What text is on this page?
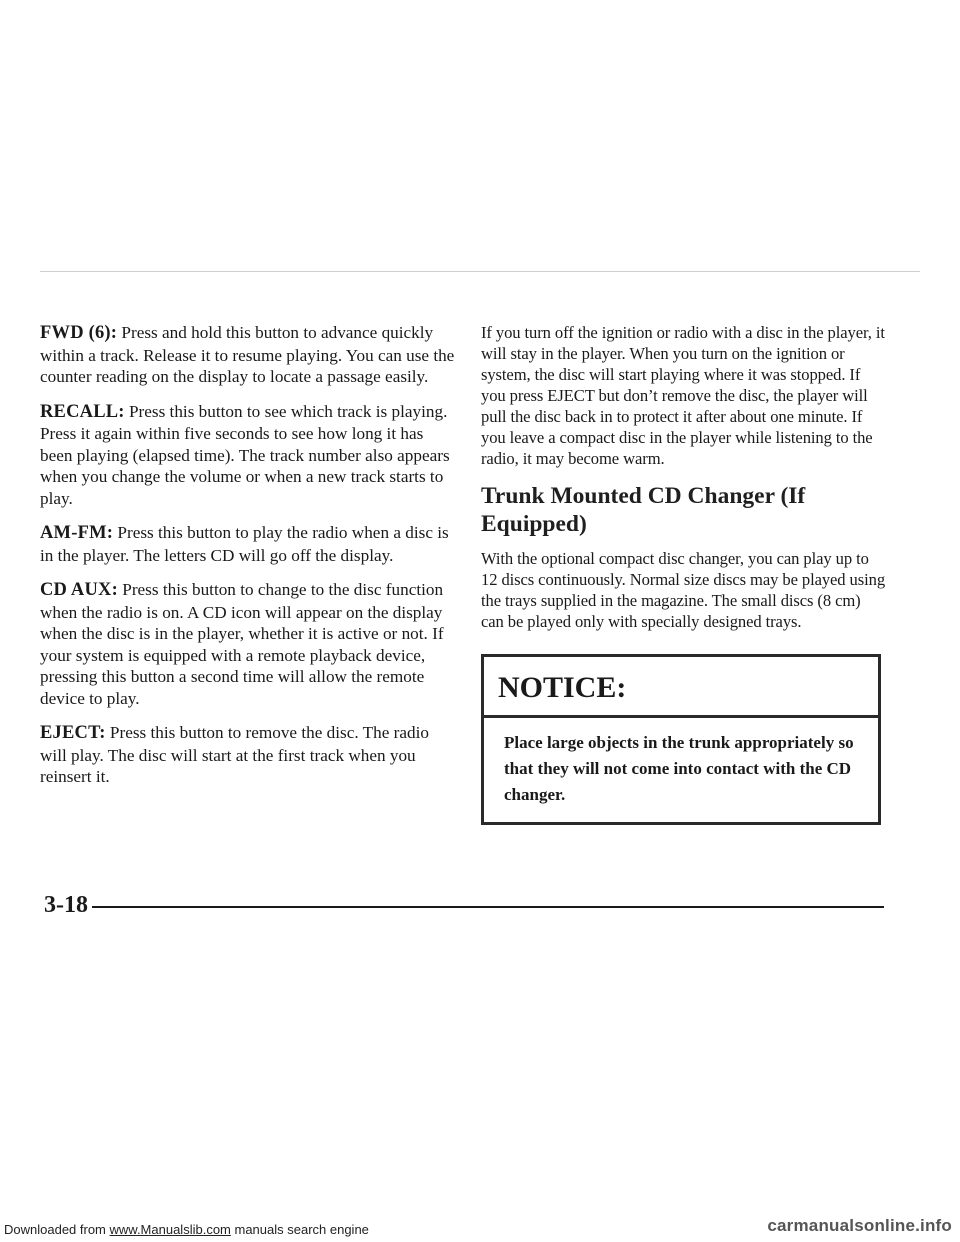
FWD (6): Press and hold this button to advance quickly within a track. Release it to resume playing. You can use the counter reading on the display to locate a passage easily.

RECALL: Press this button to see which track is playing. Press it again within five seconds to see how long it has been playing (elapsed time). The track number also appears when you change the volume or when a new track starts to play.

AM-FM: Press this button to play the radio when a disc is in the player. The letters CD will go off the display.

CD AUX: Press this button to change to the disc function when the radio is on. A CD icon will appear on the display when the disc is in the player, whether it is active or not. If your system is equipped with a remote playback device, pressing this button a second time will allow the remote device to play.

EJECT: Press this button to remove the disc. The radio will play. The disc will start at the first track when you reinsert it.

If you turn off the ignition or radio with a disc in the player, it will stay in the player. When you turn on the ignition or system, the disc will start playing where it was stopped. If you press EJECT but don’t remove the disc, the player will pull the disc back in to protect it after about one minute. If you leave a compact disc in the player while listening to the radio, it may become warm.

Trunk Mounted CD Changer (If Equipped)

With the optional compact disc changer, you can play up to 12 discs continuously. Normal size discs may be played using the trays supplied in the magazine. The small discs (8 cm) can be played only with specially designed trays.

NOTICE:
Place large objects in the trunk appropriately so that they will not come into contact with the CD changer.
3-18
Downloaded from www.Manualslib.com manuals search engine	carmanualsonline.info
